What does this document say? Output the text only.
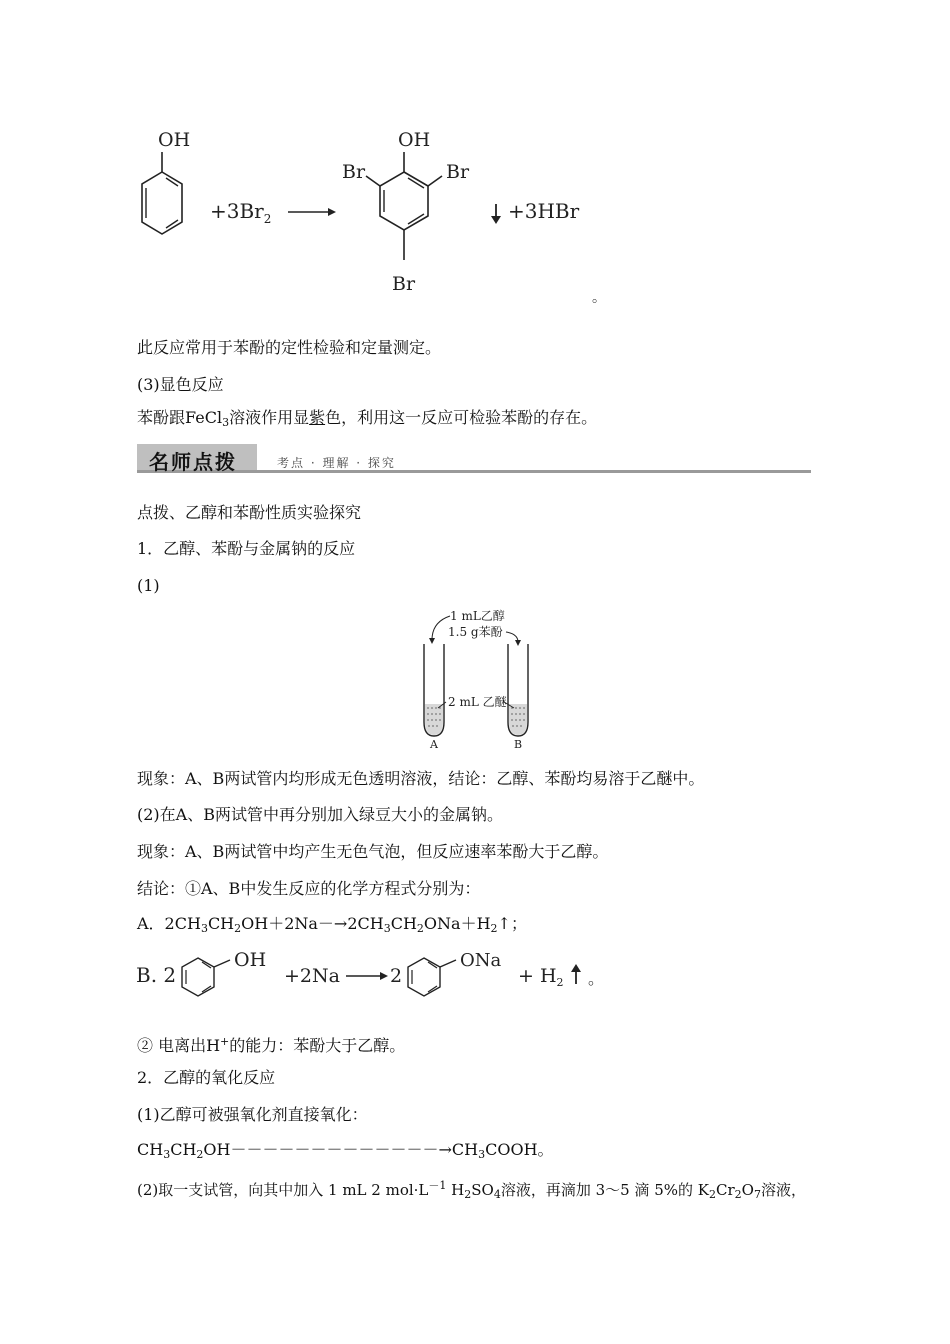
OH
$+3Br_2$
OH
Br	Br
Br
+3HBr
。
此反应常用于苯酚的定性检验和定量测定。
(3)显色反应
苯酚跟FeCl$_3$溶液作用显紫色，利用这一反应可检验苯酚的存在。
名师点拨	考点 · 理解 · 探究
点拨、乙醇和苯酚性质实验探究
1．乙醇、苯酚与金属钠的反应
(1)
1 mL乙醇
1.5 g苯酚
2 mL 乙醚
A	B
现象：A、B两试管内均形成无色透明溶液，结论：乙醇、苯酚均易溶于乙醚中。
(2)在A、B两试管中再分别加入绿豆大小的金属钠。
现象：A、B两试管中均产生无色气泡，但反应速率苯酚大于乙醇。
结论：①A、B中发生反应的化学方程式分别为：
A．$2CH_3CH_2OH+2Na-\to 2CH_3CH_2ONa+H_2↑$；
B. 2
OH
+2Na	2
ONa
+ $H_2$ 。
② 电离出H+的能力：苯酚大于乙醇。
2．乙醇的氧化反应
(1)乙醇可被强氧化剂直接氧化：
$CH_3CH_2OH-------------\to CH_3COOH$。
(2)取一支试管，向其中加入 1 mL 2 $mol\cdot L^{-1}$ $H_2SO_4$溶液，再滴加 3～5 滴 5%的 $K_2Cr_2O_7$溶液，
